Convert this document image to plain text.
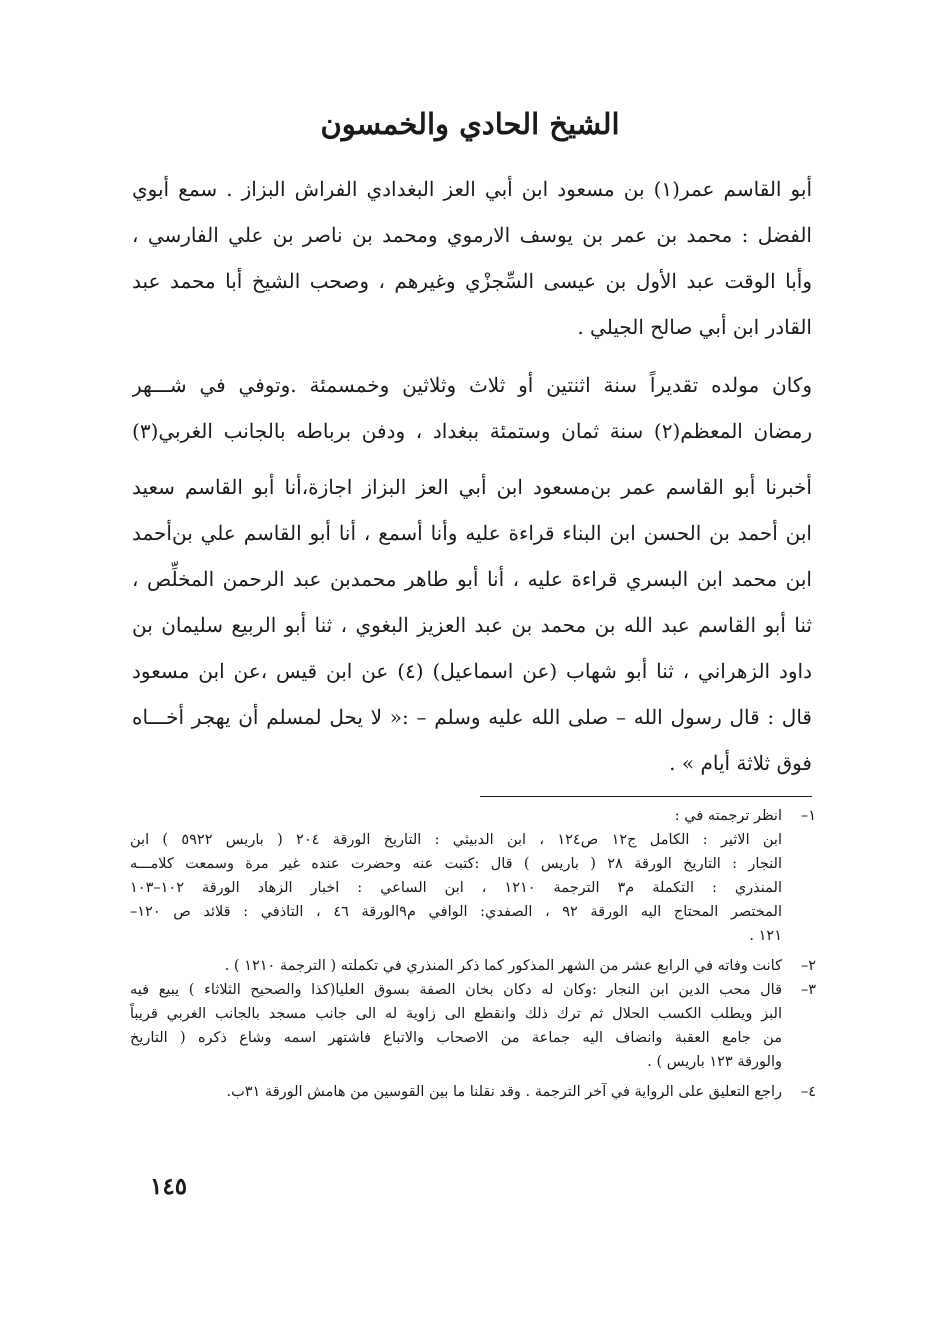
الشيخ الحادي والخمسون

أبو القاسم عمر(١) بن مسعود ابن أبي العز البغدادي الفراش البزاز . سمع أبوي
الفضل : محمد بن عمر بن يوسف الارموي ومحمد بن ناصر بن علي الفارسي ،
وأبا الوقت عبد الأول بن عيسى السِّجزْي وغيرهم ، وصحب الشيخ أبا محمد عبد
القادر ابن أبي صالح الجيلي .

وكان مولده تقديراً سنة اثنتين أو ثلاث وثلاثين وخمسمئة .وتوفي في شـــهر
رمضان المعظم(٢) سنة ثمان وستمئة ببغداد ، ودفن برباطه بالجانب الغربي(٣)

أخبرنا أبو القاسم عمر بن‌مسعود ابن أبي العز البزاز اجازة،أنا أبو القاسم سعيد
ابن أحمد بن الحسن ابن البناء قراءة عليه وأنا أسمع ، أنا أبو القاسم علي بن‌أحمد
ابن محمد ابن البسري قراءة عليه ، أنا أبو طاهر محمدبن عبد الرحمن المخلِّص ،
ثنا أبو القاسم عبد الله بن محمد بن عبد العزيز البغوي ، ثنا أبو الربيع سليمان بن
داود الزهراني ، ثنا أبو شهاب (عن اسماعيل) (٤) عن ابن قيس ،عن ابن مسعود
قال : قال رسول الله – صلى الله عليه وسلم – :« لا يحل لمسلم أن يهجر أخـــاه
فوق ثلاثة أيام » .

١–
انظر ترجمته في :
ابن الاثير : الكامل ج١٢ ص١٢٤ ، ابن الدبيثي : التاريخ الورقة ٢٠٤ ( باريس ٥٩٢٢ ) ابن
النجار : التاريخ الورقة ٢٨ ( باريس ) قال :كتبت عنه وحضرت عنده غير مرة وسمعت كلامـــه
المنذري : التكملة م٣ الترجمة ١٢١٠ ، ابن الساعي : اخبار الزهاد الورقة ١٠٢–١٠٣
المختصر المحتاج اليه الورقة ٩٢ ، الصفدي: الوافي م٩الورقة ٤٦ ، التاذفي : قلائد ص ١٢٠–
١٢١ .
٢–
كانت وفاته في الرابع عشر من الشهر المذكور كما ذكر المنذري في تكملته ( الترجمة ١٢١٠ ) .
٣–
قال محب الدين ابن النجار :وكان له دكان بخان الصفة بسوق العليا(كذا والصحيح الثلاثاء ) يبيع فيه
البز ويطلب الكسب الحلال ثم ترك ذلك وانقطع الى زاوية له الى جانب مسجد بالجانب الغربي قريباً
من جامع العقبة وانضاف اليه جماعة من الاصحاب والاتباع فاشتهر اسمه وشاع ذكره ( التاريخ
والورقة ١٢٣ باريس ) .
٤–
راجع التعليق على الرواية في آخر الترجمة . وقد نقلنا ما بين القوسين من هامش الورقة ٣١ب.
١٤٥
